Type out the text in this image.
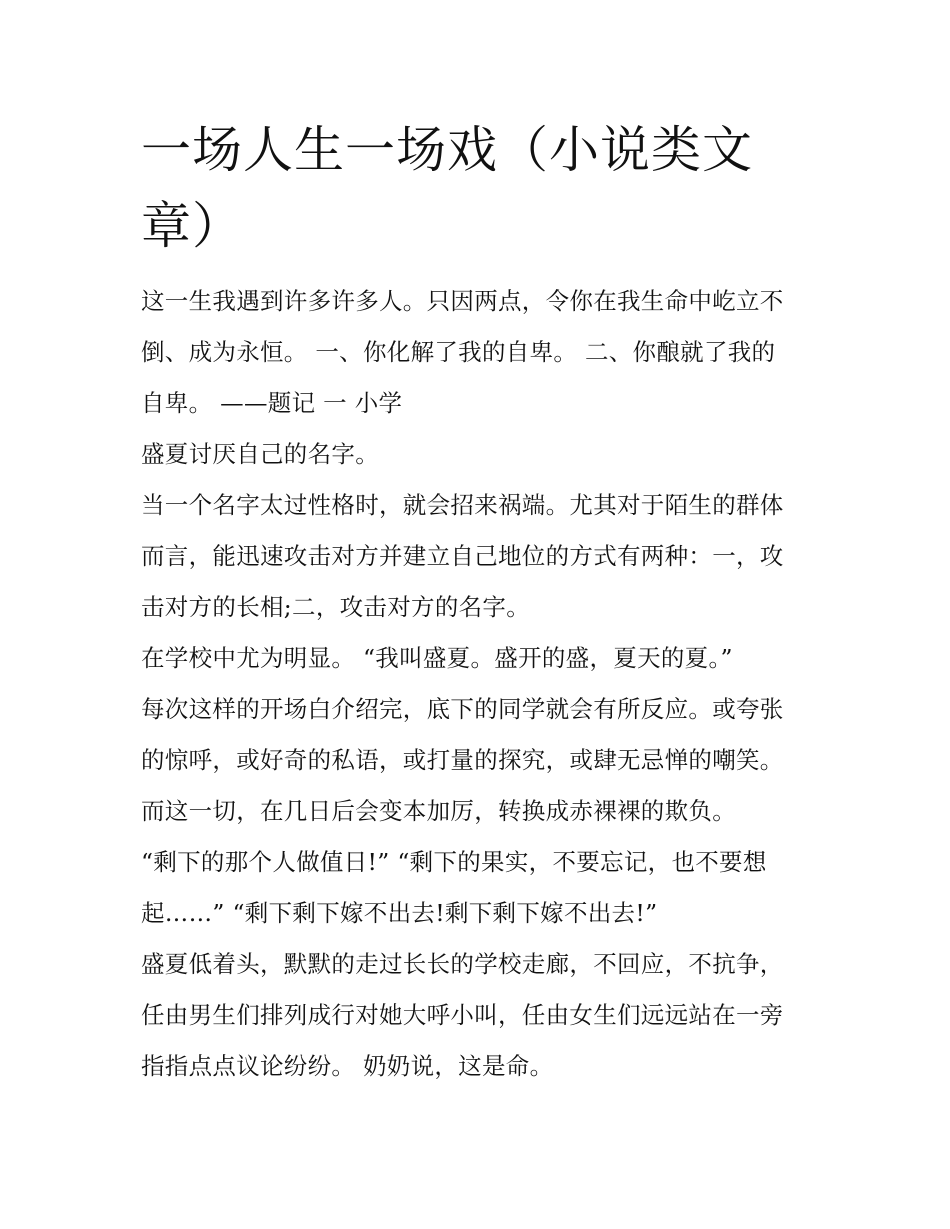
一场人生一场戏（小说类文
章）
这一生我遇到许多许多人。只因两点，令你在我生命中屹立不
倒、成为永恒。 一、你化解了我的自卑。 二、你酿就了我的
自卑。 ——题记 一 小学
盛夏讨厌自己的名字。
当一个名字太过性格时，就会招来祸端。尤其对于陌生的群体
而言，能迅速攻击对方并建立自己地位的方式有两种：一，攻
击对方的长相;二，攻击对方的名字。
在学校中尤为明显。 “我叫盛夏。盛开的盛，夏天的夏。”
每次这样的开场白介绍完，底下的同学就会有所反应。或夸张
的惊呼，或好奇的私语，或打量的探究，或肆无忌惮的嘲笑。
而这一切，在几日后会变本加厉，转换成赤裸裸的欺负。
“剩下的那个人做值日!” “剩下的果实，不要忘记，也不要想
起……” “剩下剩下嫁不出去!剩下剩下嫁不出去!”
盛夏低着头，默默的走过长长的学校走廊，不回应，不抗争，
任由男生们排列成行对她大呼小叫，任由女生们远远站在一旁
指指点点议论纷纷。 奶奶说，这是命。
